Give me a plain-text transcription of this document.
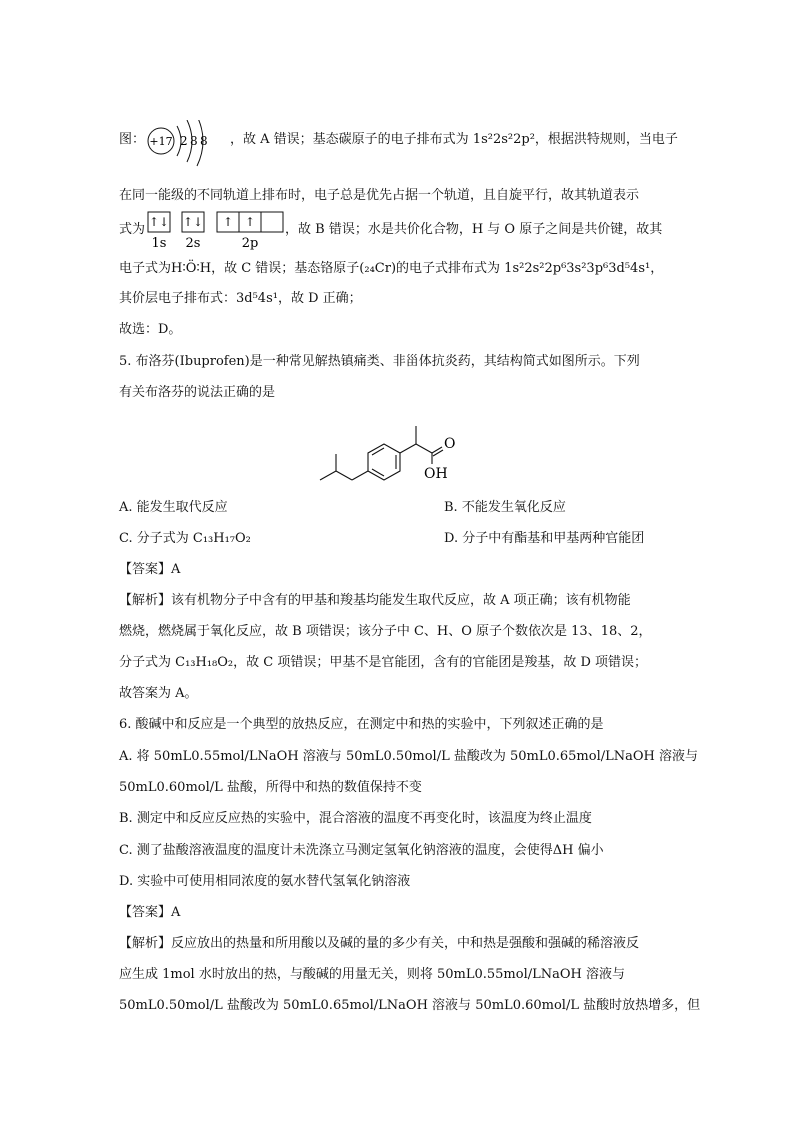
图：	，故 A 错误；基态碳原子的电子排布式为 1s²2s²2p²，根据洪特规则，当电子
+17 2 8 8
在同一能级的不同轨道上排布时，电子总是优先占据一个轨道，且自旋平行，故其轨道表示
式为	，故 B 错误；水是共价化合物，H 与 O 原子之间是共价键，故其
↑↓ ↑↓ ↑ ↑
1s 2s	2p
电子式为H∶Ö∶H，故 C 错误；基态铬原子(₂₄Cr)的电子式排布式为 1s²2s²2p⁶3s²3p⁶3d⁵4s¹，
其价层电子排布式：3d⁵4s¹，故 D 正确；
故选：D。
5. 布洛芬(Ibuprofen)是一种常见解热镇痛类、非甾体抗炎药，其结构简式如图所示。下列
有关布洛芬的说法正确的是
O
OH
A. 能发生取代反应	B. 不能发生氧化反应
C. 分子式为 C₁₃H₁₇O₂	D. 分子中有酯基和甲基两种官能团
【答案】A
【解析】该有机物分子中含有的甲基和羧基均能发生取代反应，故 A 项正确；该有机物能
燃烧，燃烧属于氧化反应，故 B 项错误；该分子中 C、H、O 原子个数依次是 13、18、2，
分子式为 C₁₃H₁₈O₂，故 C 项错误；甲基不是官能团，含有的官能团是羧基，故 D 项错误；
故答案为 A。
6. 酸碱中和反应是一个典型的放热反应，在测定中和热的实验中，下列叙述正确的是
A. 将 50mL0.55mol/LNaOH 溶液与 50mL0.50mol/L 盐酸改为 50mL0.65mol/LNaOH 溶液与
50mL0.60mol/L 盐酸，所得中和热的数值保持不变
B. 测定中和反应反应热的实验中，混合溶液的温度不再变化时，该温度为终止温度
C. 测了盐酸溶液温度的温度计未洗涤立马测定氢氧化钠溶液的温度，会使得ΔH 偏小
D. 实验中可使用相同浓度的氨水替代氢氧化钠溶液
【答案】A
【解析】反应放出的热量和所用酸以及碱的量的多少有关，中和热是强酸和强碱的稀溶液反
应生成 1mol 水时放出的热，与酸碱的用量无关，则将 50mL0.55mol/LNaOH 溶液与
50mL0.50mol/L 盐酸改为 50mL0.65mol/LNaOH 溶液与 50mL0.60mol/L 盐酸时放热增多，但
